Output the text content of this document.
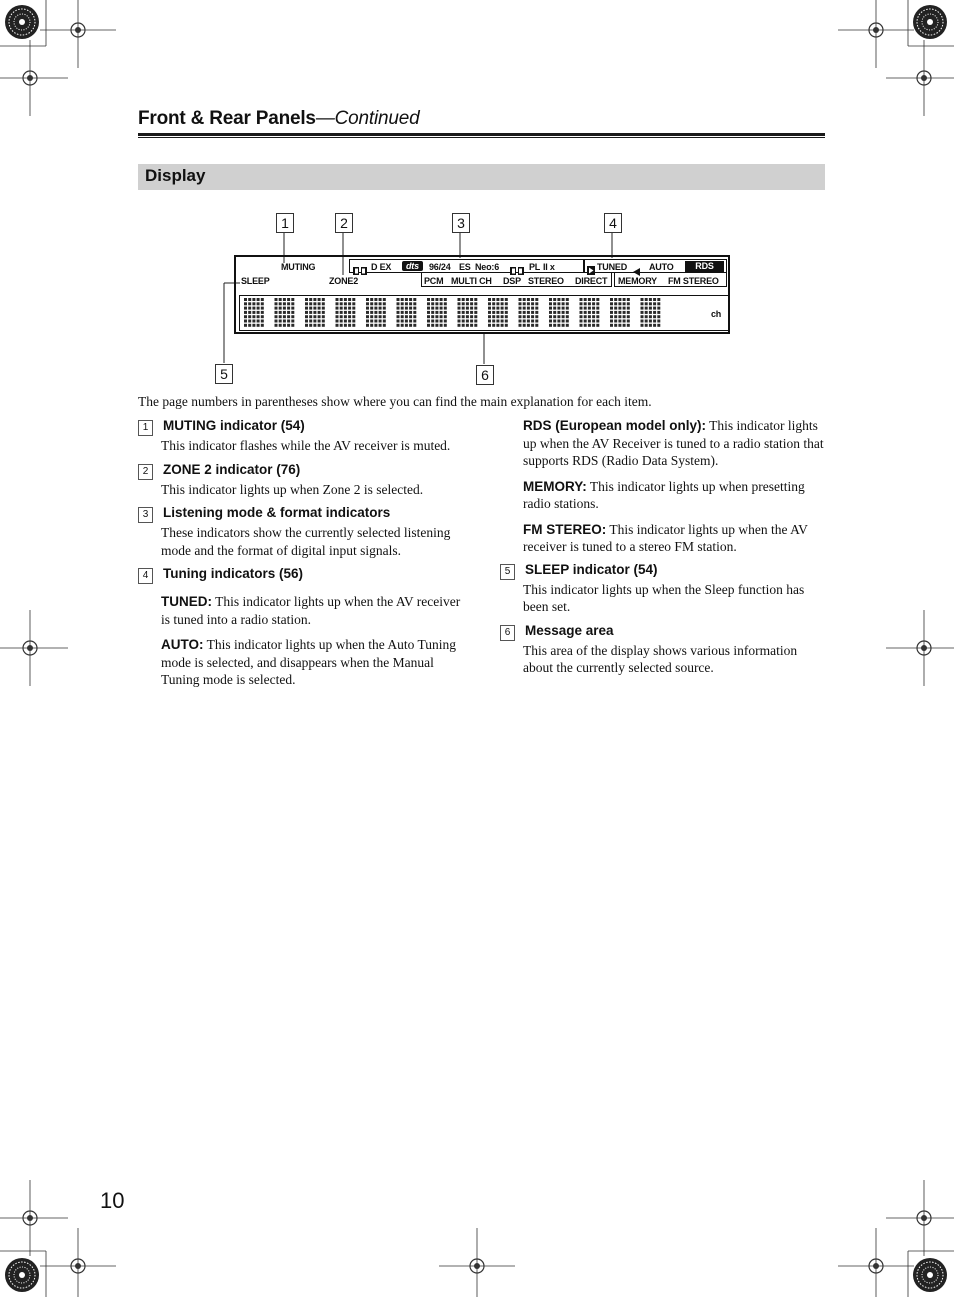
Front & Rear Panels—Continued
Display
1	2	3	4
5	6
MUTING
SLEEP	ZONE2
D EX	dts	96/24 ES Neo:6	PL II x
PCM MULTI CH DSP STEREO DIRECT
TUNED AUTO	RDS
MEMORY FM STEREO
ch
The page numbers in parentheses show where you can find the main explanation for each item.
1 MUTING indicator (54)
This indicator flashes while the AV receiver is muted.
2 ZONE 2 indicator (76)
This indicator lights up when Zone 2 is selected.
3 Listening mode & format indicators
These indicators show the currently selected listening mode and the format of digital input signals.
4 Tuning indicators (56)
TUNED: This indicator lights up when the AV receiver is tuned into a radio station.
AUTO: This indicator lights up when the Auto Tuning mode is selected, and disappears when the Manual Tuning mode is selected.
RDS (European model only): This indicator lights up when the AV Receiver is tuned to a radio station that supports RDS (Radio Data System).
MEMORY: This indicator lights up when presetting radio stations.
FM STEREO: This indicator lights up when the AV receiver is tuned to a stereo FM station.
5 SLEEP indicator (54)
This indicator lights up when the Sleep function has been set.
6 Message area
This area of the display shows various information about the currently selected source.
10
